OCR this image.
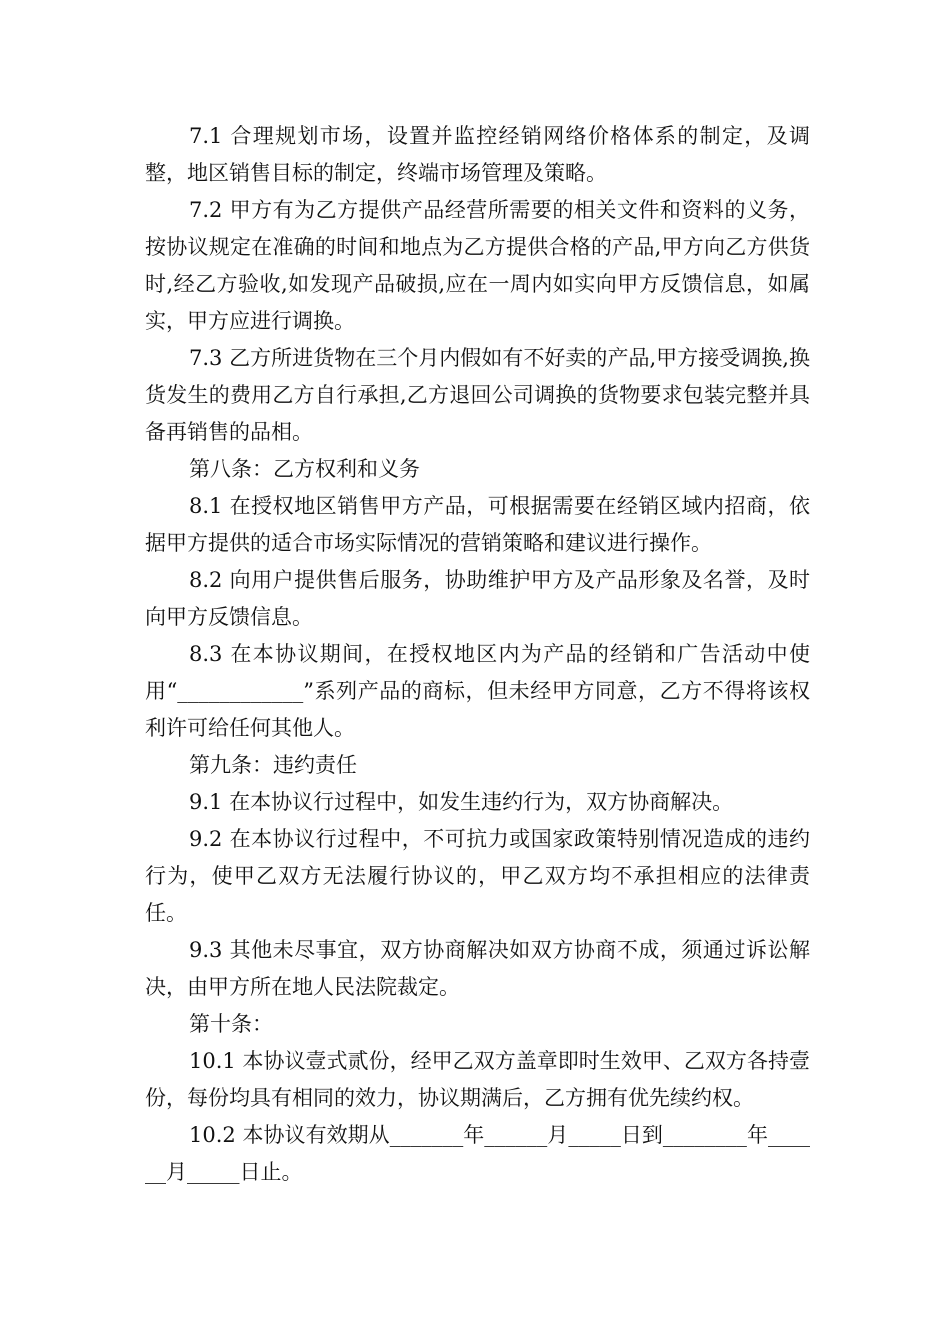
7.1 合理规划市场，设置并监控经销网络价格体系的制定，及调整，地区销售目标的制定，终端市场管理及策略。

7.2 甲方有为乙方提供产品经营所需要的相关文件和资料的义务，按协议规定在准确的时间和地点为乙方提供合格的产品,甲方向乙方供货时,经乙方验收,如发现产品破损,应在一周内如实向甲方反馈信息，如属实，甲方应进行调换。

7.3 乙方所进货物在三个月内假如有不好卖的产品,甲方接受调换,换货发生的费用乙方自行承担,乙方退回公司调换的货物要求包装完整并具备再销售的品相。

第八条：乙方权利和义务

8.1 在授权地区销售甲方产品，可根据需要在经销区域内招商，依据甲方提供的适合市场实际情况的营销策略和建议进行操作。

8.2 向用户提供售后服务，协助维护甲方及产品形象及名誉，及时向甲方反馈信息。

8.3 在本协议期间，在授权地区内为产品的经销和广告活动中使用“____________”系列产品的商标，但未经甲方同意，乙方不得将该权利许可给任何其他人。

第九条：违约责任

9.1 在本协议行过程中，如发生违约行为，双方协商解决。

9.2 在本协议行过程中，不可抗力或国家政策特别情况造成的违约行为，使甲乙双方无法履行协议的，甲乙双方均不承担相应的法律责任。

9.3 其他未尽事宜，双方协商解决如双方协商不成，须通过诉讼解决，由甲方所在地人民法院裁定。

第十条：

10.1 本协议壹式贰份，经甲乙双方盖章即时生效甲、乙双方各持壹份，每份均具有相同的效力，协议期满后，乙方拥有优先续约权。

10.2 本协议有效期从_______年______月_____日到________年______月_____日止。
